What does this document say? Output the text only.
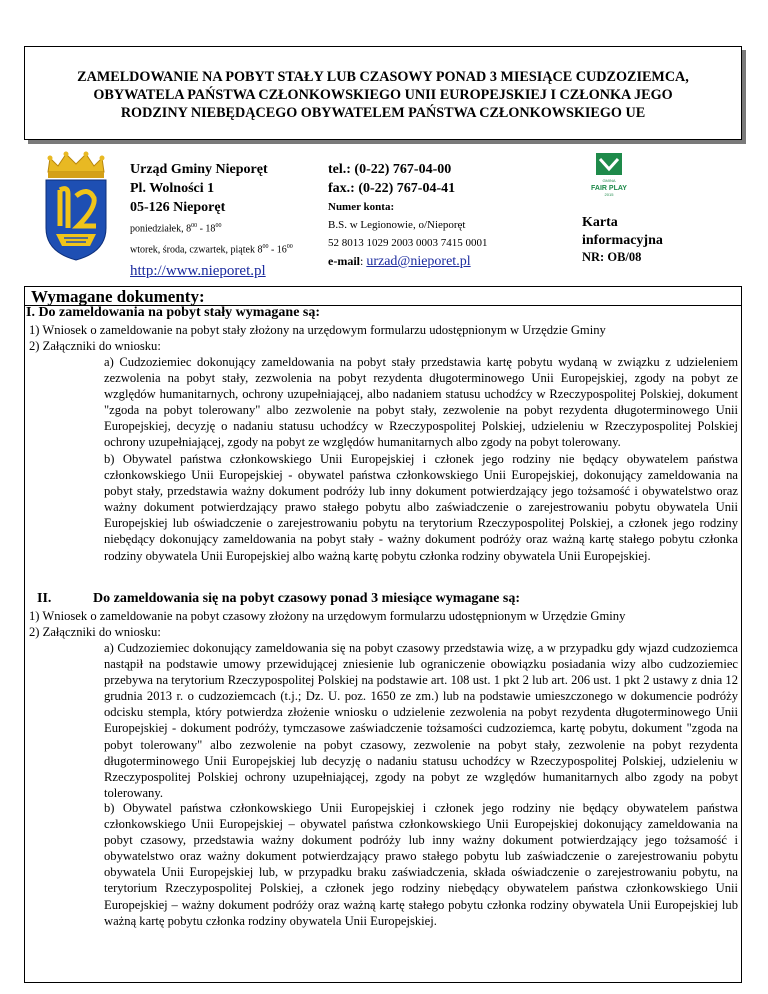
ZAMELDOWANIE NA POBYT STAŁY LUB CZASOWY PONAD 3 MIESIĄCE CUDZOZIEMCA,
OBYWATELA PAŃSTWA CZŁONKOWSKIEGO UNII EUROPEJSKIEJ I CZŁONKA JEGO
RODZINY NIEBĘDĄCEGO OBYWATELEM PAŃSTWA CZŁONKOWSKIEGO UE
Urząd Gminy Nieporęt
Pl. Wolności 1
05-126 Nieporęt
poniedziałek, $8^{00} - 18^{00}$
wtorek, środa, czwartek, piątek $8^{00} - 16^{00}$
http://www.nieporet.pl
tel.: (0-22) 767-04-00
fax.: (0-22) 767-04-41
Numer konta:
B.S. w Legionowie, o/Nieporęt
52 8013 1029 2003 0003 7415 0001
e-mail: urzad@nieporet.pl
GMINA
FAIR PLAY
2015
Karta
informacyjna
NR: OB/08
Wymagane dokumenty:
I. Do zameldowania na pobyt stały wymagane są:
1) Wniosek o zameldowanie na pobyt stały złożony na urzędowym formularzu udostępnionym w Urzędzie Gminy
2) Załączniki do wniosku:
a) Cudzoziemiec dokonujący zameldowania na pobyt stały przedstawia kartę pobytu wydaną w związku z udzieleniem zezwolenia na pobyt stały, zezwolenia na pobyt rezydenta długoterminowego Unii Europejskiej, zgody na pobyt ze względów humanitarnych, ochrony uzupełniającej, albo nadaniem statusu uchodźcy w Rzeczypospolitej Polskiej, dokument "zgoda na pobyt tolerowany" albo zezwolenie na pobyt stały, zezwolenie na pobyt rezydenta długoterminowego Unii Europejskiej, decyzję o nadaniu statusu uchodźcy w Rzeczypospolitej Polskiej, udzieleniu w Rzeczypospolitej Polskiej ochrony uzupełniającej, zgody na pobyt ze względów humanitarnych albo zgody na pobyt tolerowany.
b) Obywatel państwa członkowskiego Unii Europejskiej i członek jego rodziny nie będący obywatelem państwa członkowskiego Unii Europejskiej - obywatel państwa członkowskiego Unii Europejskiej, dokonujący zameldowania na pobyt stały, przedstawia ważny dokument podróży lub inny dokument potwierdzający jego tożsamość i obywatelstwo oraz ważny dokument potwierdzający prawo stałego pobytu albo zaświadczenie o zarejestrowaniu pobytu obywatela Unii Europejskiej lub oświadczenie o zarejestrowaniu pobytu na terytorium Rzeczypospolitej Polskiej, a członek jego rodziny niebędący dokonujący zameldowania na pobyt stały - ważny dokument podróży oraz ważną kartę stałego pobytu członka rodziny obywatela Unii Europejskiej albo ważną kartę pobytu członka rodziny obywatela Unii Europejskiej.
II.	Do zameldowania się na pobyt czasowy ponad 3 miesiące wymagane są:
1) Wniosek o zameldowanie na pobyt czasowy złożony na urzędowym formularzu udostępnionym w Urzędzie Gminy
2) Załączniki do wniosku:
a) Cudzoziemiec dokonujący zameldowania się na pobyt czasowy przedstawia wizę, a w przypadku gdy wjazd cudzoziemca nastąpił na podstawie umowy przewidującej zniesienie lub ograniczenie obowiązku posiadania wizy albo cudzoziemiec przebywa na terytorium Rzeczypospolitej Polskiej na podstawie art. 108 ust. 1 pkt 2 lub art. 206 ust. 1 pkt 2 ustawy z dnia 12 grudnia 2013 r. o cudzoziemcach (t.j.; Dz. U. poz. 1650 ze zm.) lub na podstawie umieszczonego w dokumencie podróży odcisku stempla, który potwierdza złożenie wniosku o udzielenie zezwolenia na pobyt rezydenta długoterminowego Unii Europejskiej - dokument podróży, tymczasowe zaświadczenie tożsamości cudzoziemca, kartę pobytu, dokument "zgoda na pobyt tolerowany" albo zezwolenie na pobyt czasowy, zezwolenie na pobyt stały, zezwolenie na pobyt rezydenta długoterminowego Unii Europejskiej lub decyzję o nadaniu statusu uchodźcy w Rzeczypospolitej Polskiej, udzieleniu w Rzeczypospolitej Polskiej ochrony uzupełniającej, zgody na pobyt ze względów humanitarnych albo zgody na pobyt tolerowany.
b) Obywatel państwa członkowskiego Unii Europejskiej i członek jego rodziny nie będący obywatelem państwa członkowskiego Unii Europejskiej – obywatel państwa członkowskiego Unii Europejskiej dokonujący zameldowania na pobyt czasowy, przedstawia ważny dokument podróży lub inny ważny dokument potwierdzający jego tożsamość i obywatelstwo oraz ważny dokument potwierdzający prawo stałego pobytu lub zaświadczenie o zarejestrowaniu pobytu obywatela Unii Europejskiej lub, w przypadku braku zaświadczenia, składa oświadczenie o zarejestrowaniu pobytu, na terytorium Rzeczypospolitej Polskiej, a członek jego rodziny niebędący obywatelem państwa członkowskiego Unii Europejskiej – ważny dokument podróży oraz ważną kartę stałego pobytu członka rodziny obywatela Unii Europejskiej lub ważną kartę pobytu członka rodziny obywatela Unii Europejskiej.
